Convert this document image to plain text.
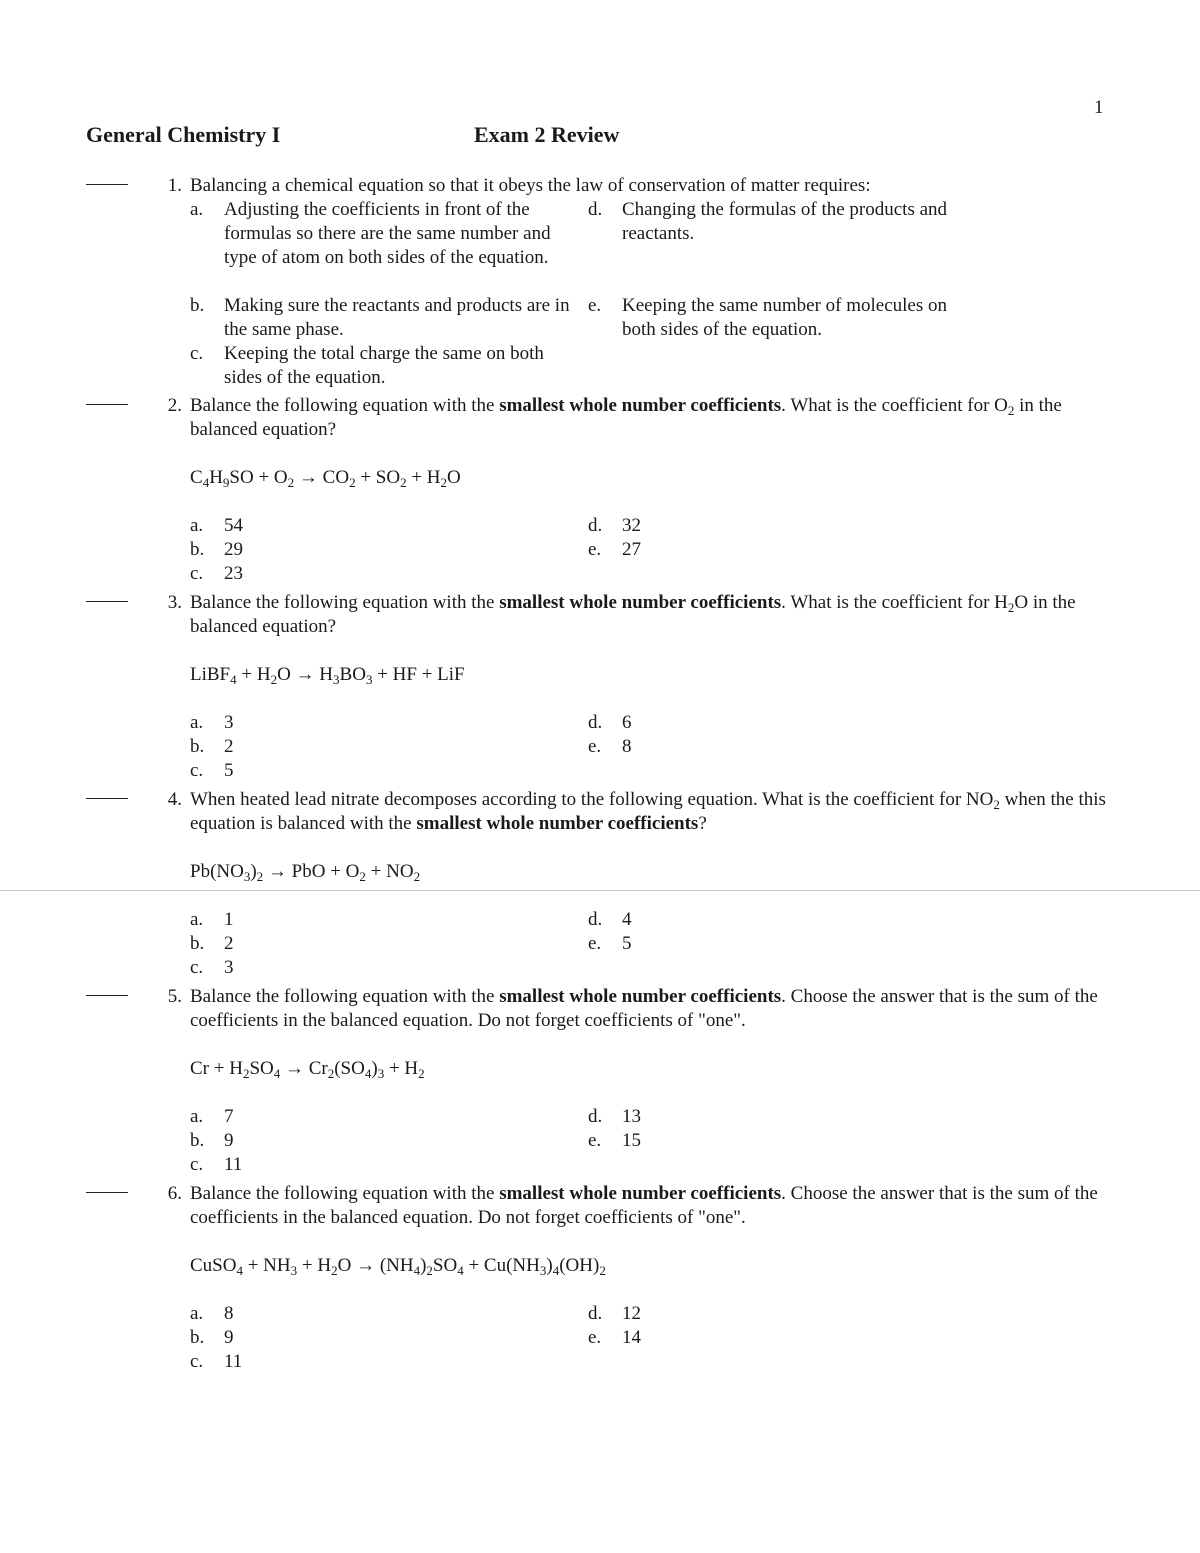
1
General Chemistry I	Exam 2 Review
1. Balancing a chemical equation so that it obeys the law of conservation of matter requires:
a. Adjusting the coefficients in front of the formulas so there are the same number and type of atom on both sides of the equation.
b. Making sure the reactants and products are in the same phase.
c. Keeping the total charge the same on both sides of the equation.
d. Changing the formulas of the products and reactants.
e. Keeping the same number of molecules on both sides of the equation.
2. Balance the following equation with the smallest whole number coefficients. What is the coefficient for $O_2$ in the balanced equation?
$C_4H_9SO + O_2 \to CO_2 + SO_2 + H_2O$
a. 54
b. 29
c. 23
d. 32
e. 27
3. Balance the following equation with the smallest whole number coefficients. What is the coefficient for $H_2O$ in the balanced equation?
LiBF$_4$ + $H_2O \to H_3BO_3$ + HF + LiF
a. 3
b. 2
c. 5
d. 6
e. 8
4. When heated lead nitrate decomposes according to the following equation. What is the coefficient for $NO_2$ when the this equation is balanced with the smallest whole number coefficients?
$Pb(NO_3)_2$ → PbO + $O_2 + NO_2$
a. 1
b. 2
c. 3
d. 4
e. 5
5. Balance the following equation with the smallest whole number coefficients. Choose the answer that is the sum of the coefficients in the balanced equation. Do not forget coefficients of "one".
$Cr + H_2SO_4 \to Cr_2(SO_4)_3 + H_2$
a. 7
b. 9
c. 11
d. 13
e. 15
6. Balance the following equation with the smallest whole number coefficients. Choose the answer that is the sum of the coefficients in the balanced equation. Do not forget coefficients of "one".
CuSO$_4$ + $NH_3 + H_2O \to (NH_4)_2SO_4 + Cu(NH_3)_4(OH)_2$
a. 8
b. 9
c. 11
d. 12
e. 14
